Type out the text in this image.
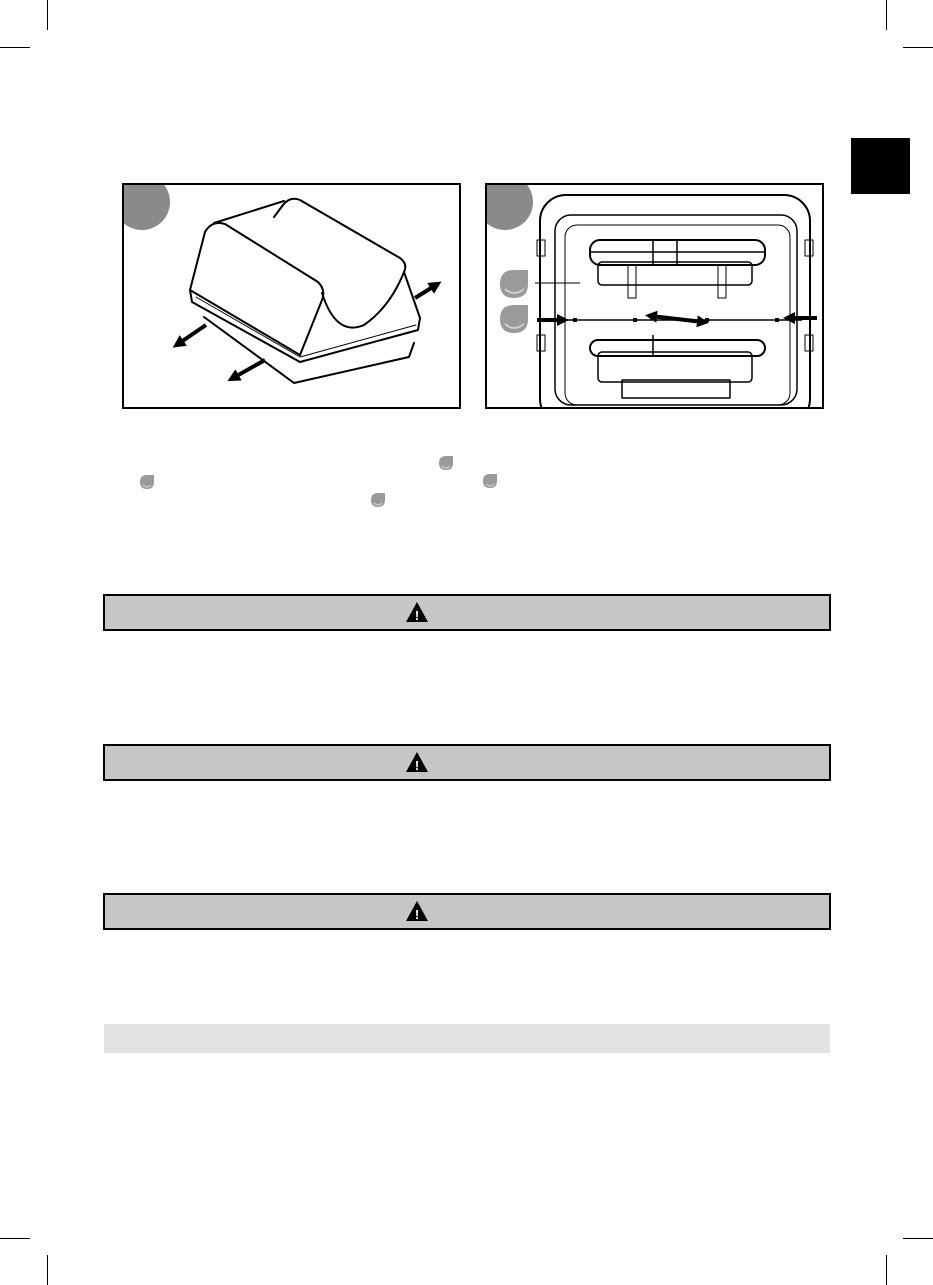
!
!
!
